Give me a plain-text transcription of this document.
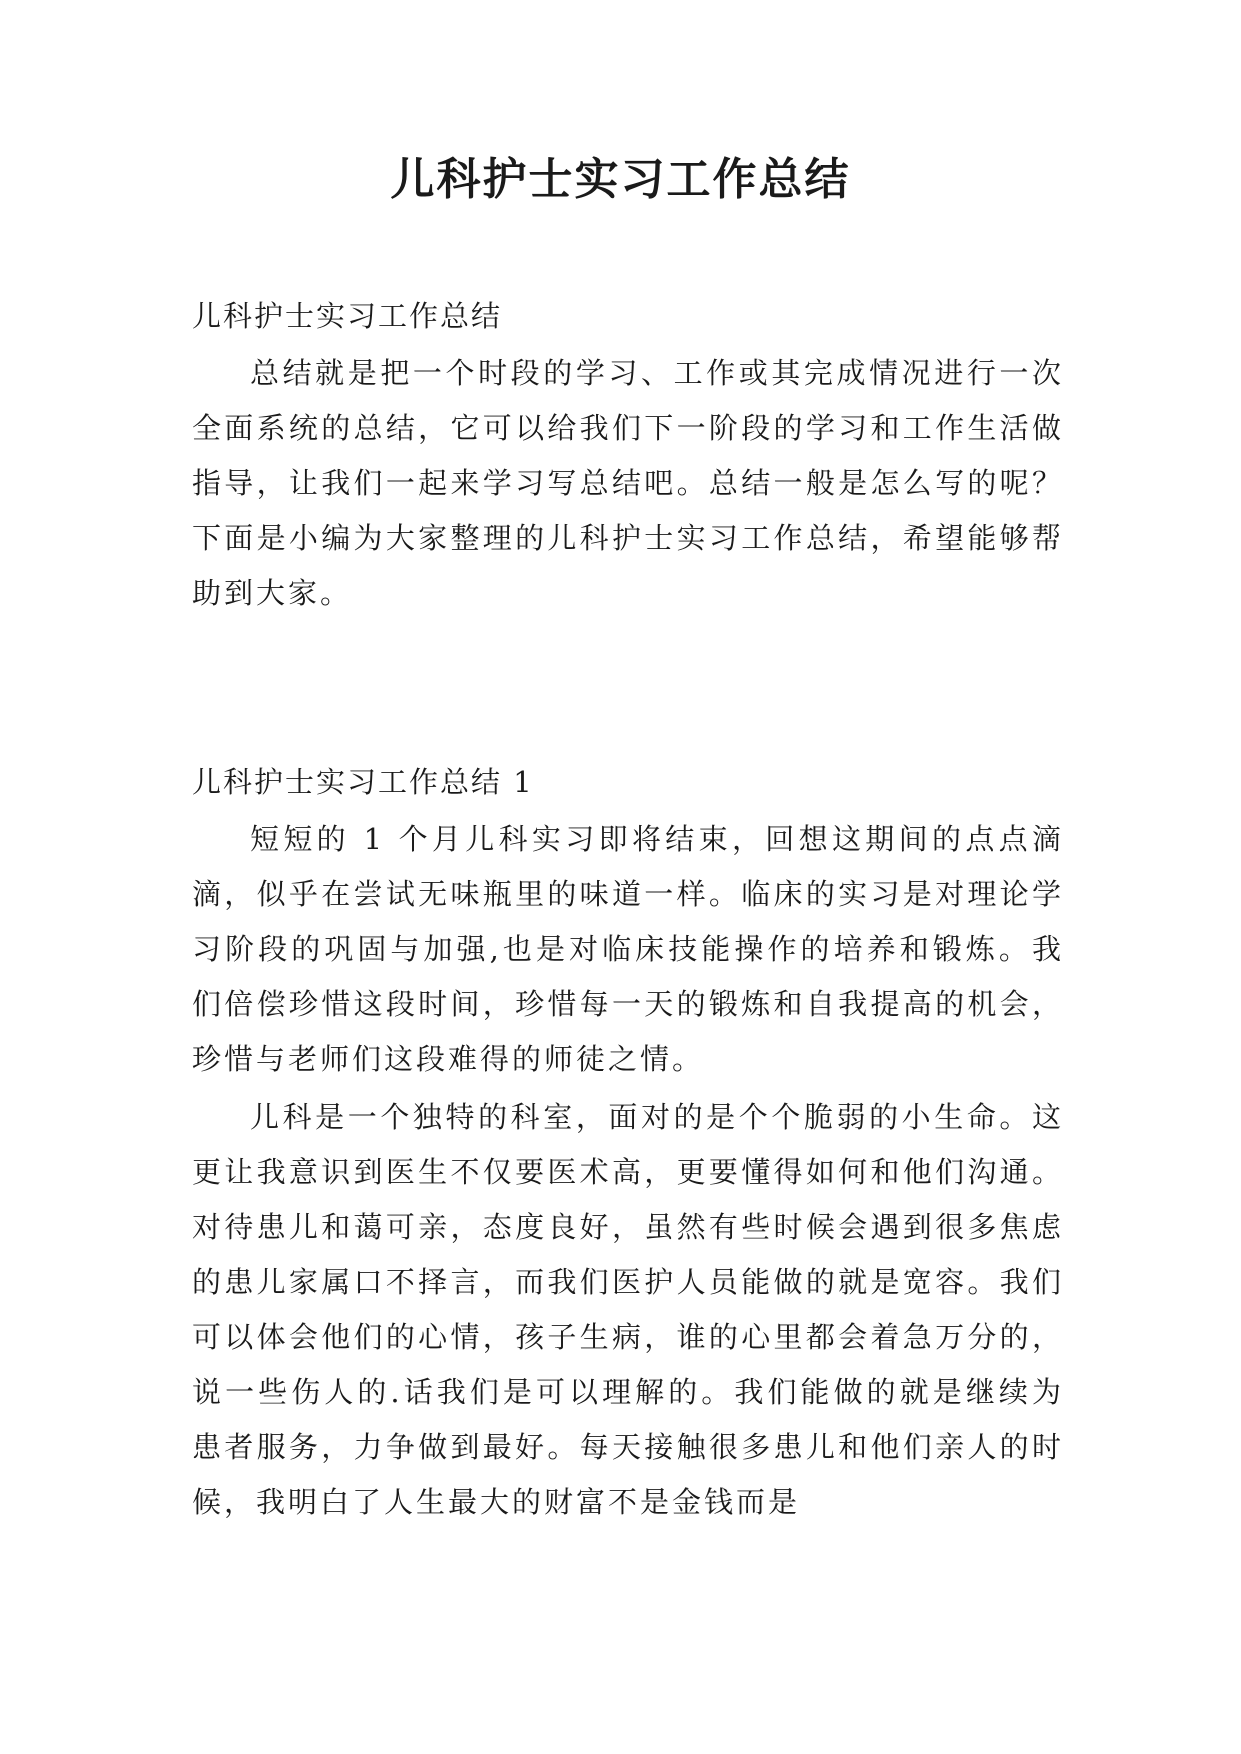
儿科护士实习工作总结

儿科护士实习工作总结

总结就是把一个时段的学习、工作或其完成情况进行一次全面系统的总结，它可以给我们下一阶段的学习和工作生活做指导，让我们一起来学习写总结吧。总结一般是怎么写的呢？下面是小编为大家整理的儿科护士实习工作总结，希望能够帮助到大家。

儿科护士实习工作总结 1

短短的 1 个月儿科实习即将结束，回想这期间的点点滴滴，似乎在尝试无味瓶里的味道一样。临床的实习是对理论学习阶段的巩固与加强,也是对临床技能操作的培养和锻炼。我们倍偿珍惜这段时间，珍惜每一天的锻炼和自我提高的机会，珍惜与老师们这段难得的师徒之情。

儿科是一个独特的科室，面对的是个个脆弱的小生命。这更让我意识到医生不仅要医术高，更要懂得如何和他们沟通。对待患儿和蔼可亲，态度良好，虽然有些时候会遇到很多焦虑的患儿家属口不择言，而我们医护人员能做的就是宽容。我们可以体会他们的心情，孩子生病，谁的心里都会着急万分的，说一些伤人的.话我们是可以理解的。我们能做的就是继续为患者服务，力争做到最好。每天接触很多患儿和他们亲人的时候，我明白了人生最大的财富不是金钱而是
